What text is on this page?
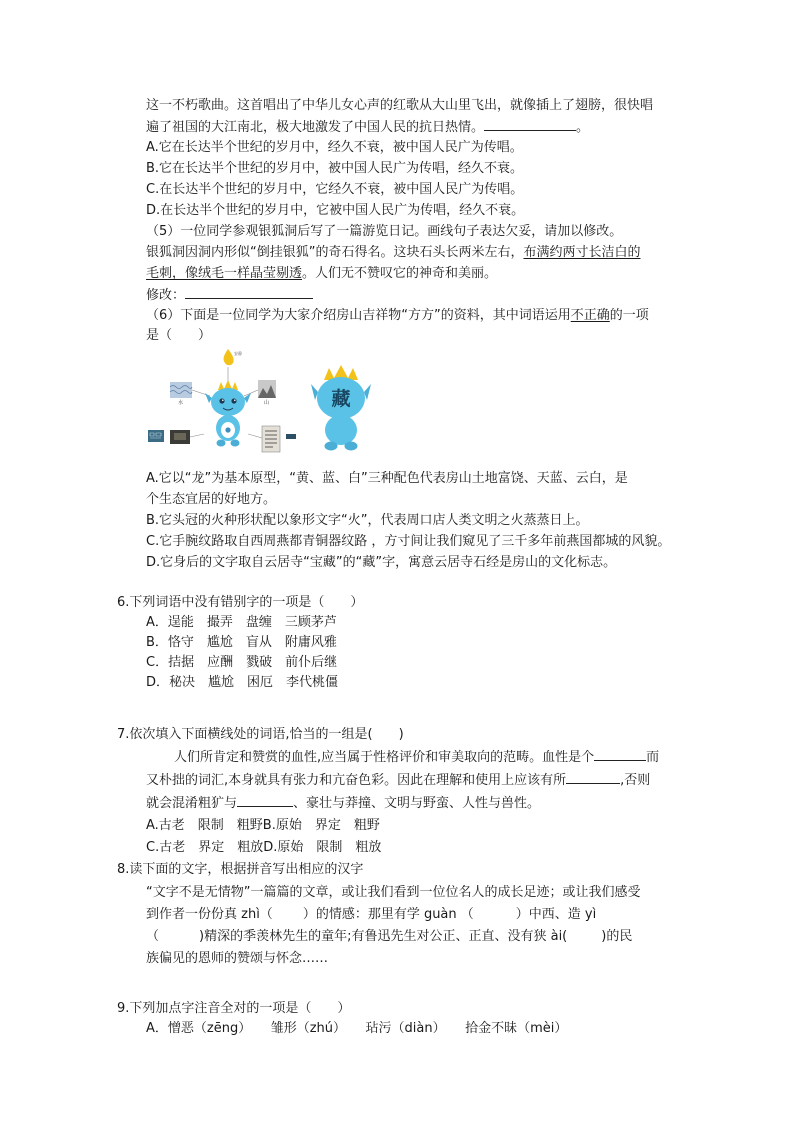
这一不朽歌曲。这首唱出了中华儿女心声的红歌从大山里飞出，就像插上了翅膀，很快唱
遍了祖国的大江南北，极大地激发了中国人民的抗日热情。	。
A.它在长达半个世纪的岁月中，经久不衰，被中国人民广为传唱。
B.它在长达半个世纪的岁月中，被中国人民广为传唱，经久不衰。
C.在长达半个世纪的岁月中，它经久不衰，被中国人民广为传唱。
D.在长达半个世纪的岁月中，它被中国人民广为传唱，经久不衰。
（5）一位同学参观银狐洞后写了一篇游览日记。画线句子表达欠妥，请加以修改。
银狐洞因洞内形似“倒挂银狐”的奇石得名。这块石头长两米左右，布满约两寸长洁白的
毛刺，像绒毛一样晶莹剔透。人们无不赞叹它的神奇和美丽。
修改：
（6）下面是一位同学为大家介绍房山吉祥物“方方”的资料，其中词语运用不正确的一项
是（　　）
安静
水	山	藏
A.它以“龙”为基本原型，“黄、蓝、白”三种配色代表房山土地富饶、天蓝、云白，是
个生态宜居的好地方。
B.它头冠的火种形状配以象形文字“火”，代表周口店人类文明之火蒸蒸日上。
C.它手腕纹路取自西周燕都青铜器纹路 ，方寸间让我们窥见了三千多年前燕国都城的风貌。
D.它身后的文字取自云居寺“宝藏”的“藏”字，寓意云居寺石经是房山的文化标志。
6.下列词语中没有错别字的一项是（　　）
A．逞能　撮弄　盘缠　三顾茅芦
B．恪守　尴尬　盲从　附庸风雅
C．拮据　应酬　戮破　前仆后继
D．秘决　尴尬　困厄　李代桃僵
7.依次填入下面横线处的词语,恰当的一组是(　　)
人们所肯定和赞赏的血性,应当属于性格评价和审美取向的范畴。血性是个	而
又朴拙的词汇,本身就具有张力和亢奋色彩。因此在理解和使用上应该有所	,否则
就会混淆粗犷与	、豪壮与莽撞、文明与野蛮、人性与兽性。
A.古老　限制　粗野B.原始　界定　粗野
C.古老　界定　粗放D.原始　限制　粗放
8.读下面的文字，根据拼音写出相应的汉字
“文字不是无情物”一篇篇的文章，或让我们看到一位位名人的成长足迹；或让我们感受
到作者一份份真 zhì（ ）的情感：那里有学 guàn （	）中西、造 yì
（	)精深的季羡林先生的童年;有鲁迅先生对公正、正直、没有狭 ài(	)的民
族偏见的恩师的赞颂与怀念……
9.下列加点字注音全对的一项是（　　）
A．憎恶（zēng）　　雏形（zhú）　　玷污（diàn）　　拾金不昧（mèi）
